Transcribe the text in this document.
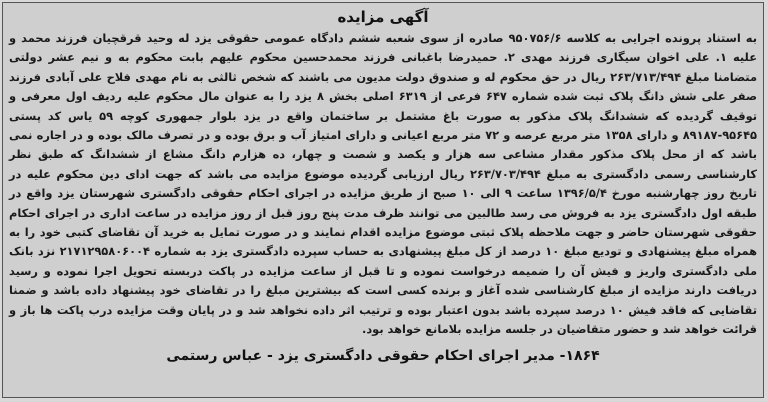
آگهی مزایده

به استناد پرونده اجرایی به کلاسه ۹۵۰۷۵۶/۶ صادره از سوی شعبه ششم دادگاه عمومی حقوقی یزد له وحید قرقچیان فرزند محمد و علیه ۱. علی اخوان سیگاری فرزند مهدی ۲. حمیدرضا باغبانی فرزند محمدحسین محکوم علیهم بابت محکوم به و نیم عشر دولتی متضامنا مبلغ ۲۶۳/۷۱۳/۴۹۴ ریال در حق محکوم له و صندوق دولت مدیون می باشند که شخص ثالثی به نام مهدی فلاح علی آبادی فرزند صفر علی شش دانگ پلاک ثبت شده شماره ۶۴۷ فرعی از ۶۳۱۹ اصلی بخش ۸ یزد را به عنوان مال محکوم علیه ردیف اول معرفی و توقیف گردیده که ششدانگ پلاک مذکور به صورت باغ مشتمل بر ساختمان واقع در یزد بلوار جمهوری کوچه ۵۹ یاس کد پستی ۹۵۶۴۵-۸۹۱۸۷ و دارای ۱۳۵۸ متر مربع عرصه و ۷۲ متر مربع اعیانی و دارای امتیاز آب و برق بوده و در تصرف مالک بوده و در اجاره نمی باشد که از محل پلاک مذکور مقدار مشاعی سه هزار و یکصد و شصت و چهار، ده هزارم دانگ مشاع از ششدانگ که طبق نظر کارشناسی رسمی دادگستری به مبلغ ۲۶۳/۷۰۳/۴۹۴ ریال ارزیابی گردیده موضوع مزایده می باشد که جهت ادای دین محکوم علیه در تاریخ روز چهارشنبه مورخ ۱۳۹۶/۵/۴ ساعت ۹ الی ۱۰ صبح از طریق مزایده در اجرای احکام حقوقی دادگستری شهرستان یزد واقع در طبقه اول دادگستری یزد به فروش می رسد طالبین می توانند ظرف مدت پنج روز قبل از روز مزایده در ساعت اداری در اجرای احکام حقوقی شهرستان حاضر و جهت ملاحظه پلاک ثبتی موضوع مزایده اقدام نمایند و در صورت تمایل به خرید آن تقاضای کتبی خود را به همراه مبلغ پیشنهادی و تودیع مبلغ ۱۰ درصد از کل مبلغ پیشنهادی به حساب سپرده دادگستری یزد به شماره ۲۱۷۱۲۹۵۸۰۶۰۰۴ نزد بانک ملی دادگستری واریز و فیش آن را ضمیمه درخواست نموده و تا قبل از ساعت مزایده در پاکت دربسته تحویل اجرا نموده و رسید دریافت دارند مزایده از مبلغ کارشناسی شده آغاز و برنده کسی است که بیشترین مبلغ را در تقاضای خود پیشنهاد داده باشد و ضمنا تقاضایی که فاقد فیش ۱۰ درصد سپرده باشد بدون اعتبار بوده و ترتیب اثر داده نخواهد شد و در پایان وقت مزایده درب پاکت ها باز و قرائت خواهد شد و حضور متقاضیان در جلسه مزایده بلامانع خواهد بود.

۱۸۶۴- مدیر اجرای احکام حقوقی دادگستری یزد - عباس رستمی
